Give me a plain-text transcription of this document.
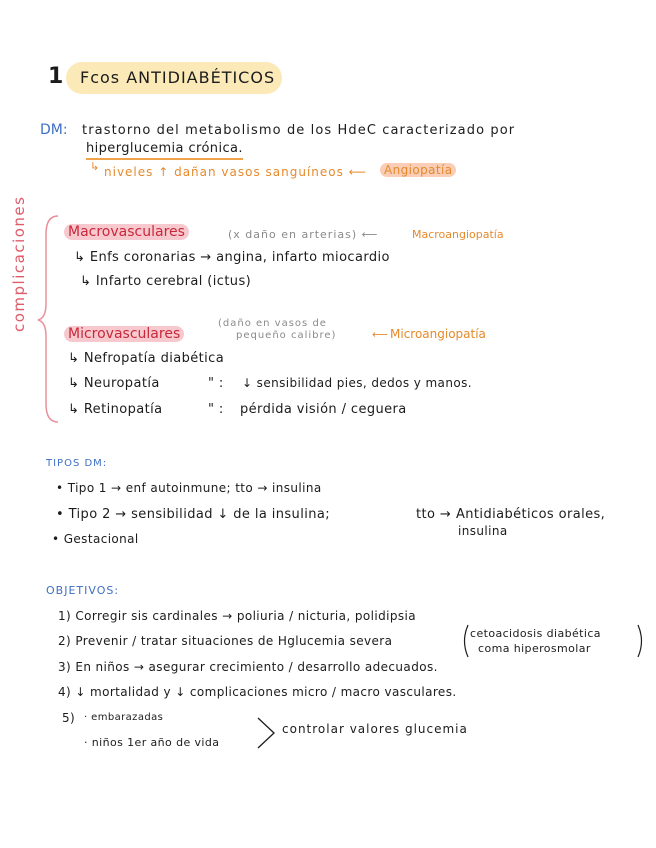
1 Fcos ANTIDIABÉTICOS
DM: trastorno del metabolismo de los HdeC caracterizado por
hiperglucemia crónica.
↳ niveles ↑ dañan vasos sanguíneos ⟵	Angiopatía
complicaciones	Macrovasculares	(x daño en arterias) ⟵	Macroangiopatía
↳ Enfs coronarias → angina, infarto miocardio
↳ Infarto cerebral (ictus)
Microvasculares
(daño en vasos de
pequeño calibre)	⟵ Microangiopatía
↳ Nefropatía diabética
↳ Neuropatía	" : ↓ sensibilidad pies, dedos y manos.
↳ Retinopatía	" : pérdida visión / ceguera
TIPOS DM:
• Tipo 1 → enf autoinmune; tto → insulina
• Tipo 2 → sensibilidad ↓ de la insulina;	tto → Antidiabéticos orales,
insulina
• Gestacional
OBJETIVOS:
1) Corregir sis cardinales → poliuria / nicturia, polidipsia
2) Prevenir / tratar situaciones de Hglucemia severa
cetoacidosis diabética
coma hiperosmolar
3) En niños → asegurar crecimiento / desarrollo adecuados.
4) ↓ mortalidad y ↓ complicaciones micro / macro vasculares.
5) · embarazadas
· niños 1er año de vida
controlar valores glucemia
